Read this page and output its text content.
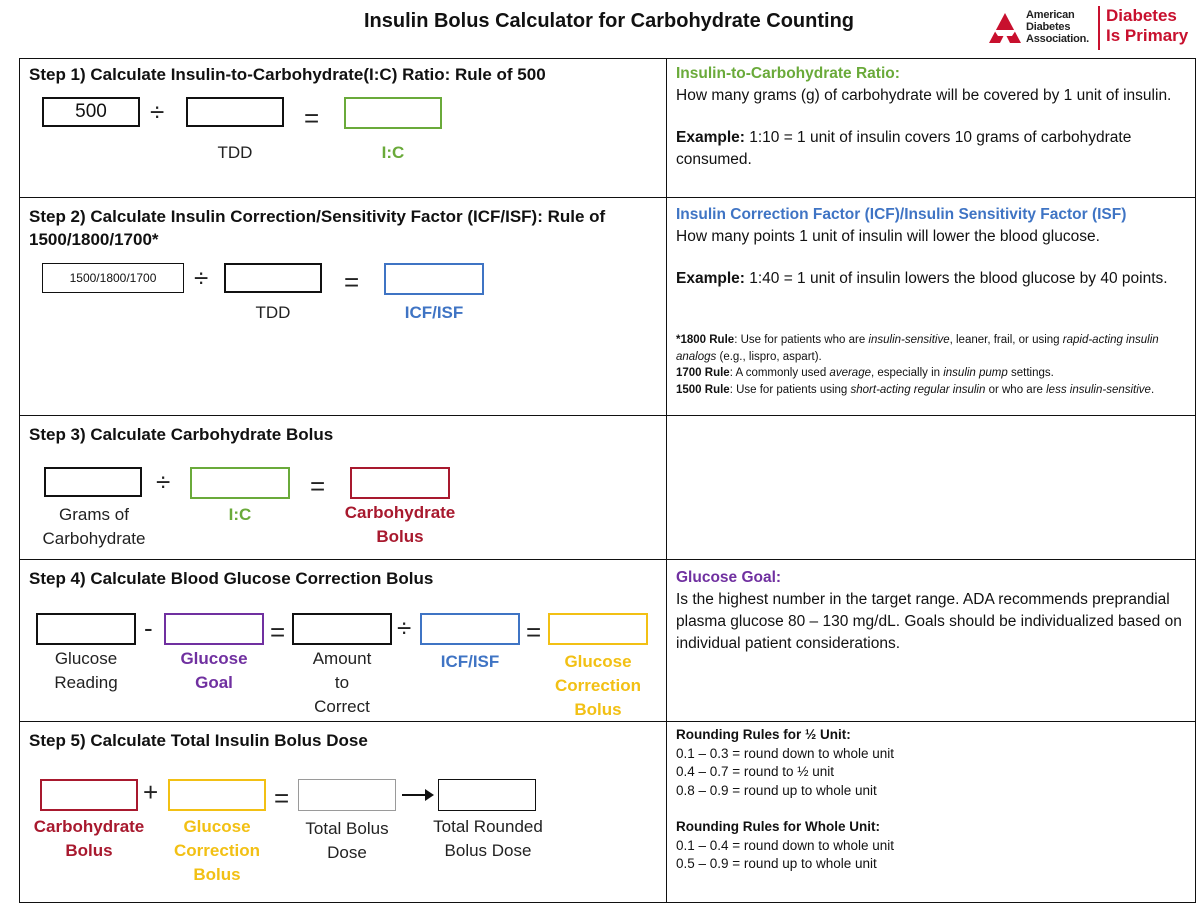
Insulin Bolus Calculator for Carbohydrate Counting	American
Diabetes
Association.
Diabetes
Is Primary
Step 1) Calculate Insulin-to-Carbohydrate(I:C) Ratio: Rule of 500
500	÷	=
TDD	I:C
Insulin-to-Carbohydrate Ratio:
How many grams (g) of carbohydrate will be covered by 1 unit of insulin.
Example: 1:10 = 1 unit of insulin covers 10 grams of carbohydrate consumed.
Step 2) Calculate Insulin Correction/Sensitivity Factor (ICF/ISF): Rule of
1500/1800/1700*
1500/1800/1700	÷	=
TDD	ICF/ISF
Insulin Correction Factor (ICF)/Insulin Sensitivity Factor (ISF)
How many points 1 unit of insulin will lower the blood glucose.
Example: 1:40 = 1 unit of insulin lowers the blood glucose by 40 points.
*1800 Rule: Use for patients who are insulin-sensitive, leaner, frail, or using rapid-acting insulin analogs (e.g., lispro, aspart).
1700 Rule: A commonly used average, especially in insulin pump settings.
1500 Rule: Use for patients using short-acting regular insulin or who are less insulin-sensitive.
Step 3) Calculate Carbohydrate Bolus
÷	=
Grams of
Carbohydrate
I:C	Carbohydrate
Bolus
Step 4) Calculate Blood Glucose Correction Bolus
-	=	÷	=
Glucose
Reading
Glucose
Goal
Amount
to
Correct
ICF/ISF	Glucose
Correction
Bolus
Glucose Goal:
Is the highest number in the target range. ADA recommends preprandial plasma glucose 80 – 130 mg/dL. Goals should be individualized based on individual patient considerations.
Step 5) Calculate Total Insulin Bolus Dose
+	=
Carbohydrate
Bolus
Glucose
Correction
Bolus
Total Bolus
Dose
Total Rounded
Bolus Dose
Rounding Rules for ½ Unit:
0.1 – 0.3 = round down to whole unit
0.4 – 0.7 = round to ½ unit
0.8 – 0.9 = round up to whole unit
Rounding Rules for Whole Unit:
0.1 – 0.4 = round down to whole unit
0.5 – 0.9 = round up to whole unit
